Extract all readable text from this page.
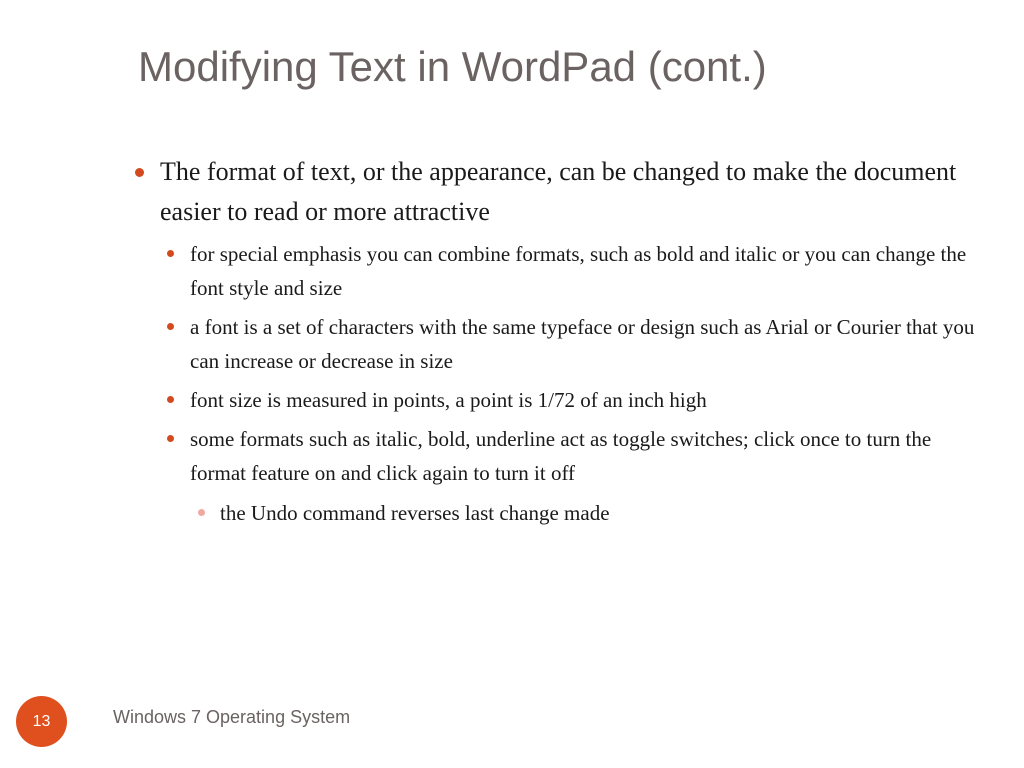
Modifying Text in WordPad (cont.)
The format of text, or the appearance, can be changed to make the document easier to read or more attractive
for special emphasis you can combine formats, such as bold and italic or you can change the font style and size
a font is a set of characters with the same typeface or design such as Arial or Courier that you can increase or decrease in size
font size is measured in points, a point is 1/72 of an inch high
some formats such as italic, bold, underline act as toggle switches; click once to turn the format feature on and click again to turn it off
the Undo command reverses last change made
13	Windows 7 Operating System
